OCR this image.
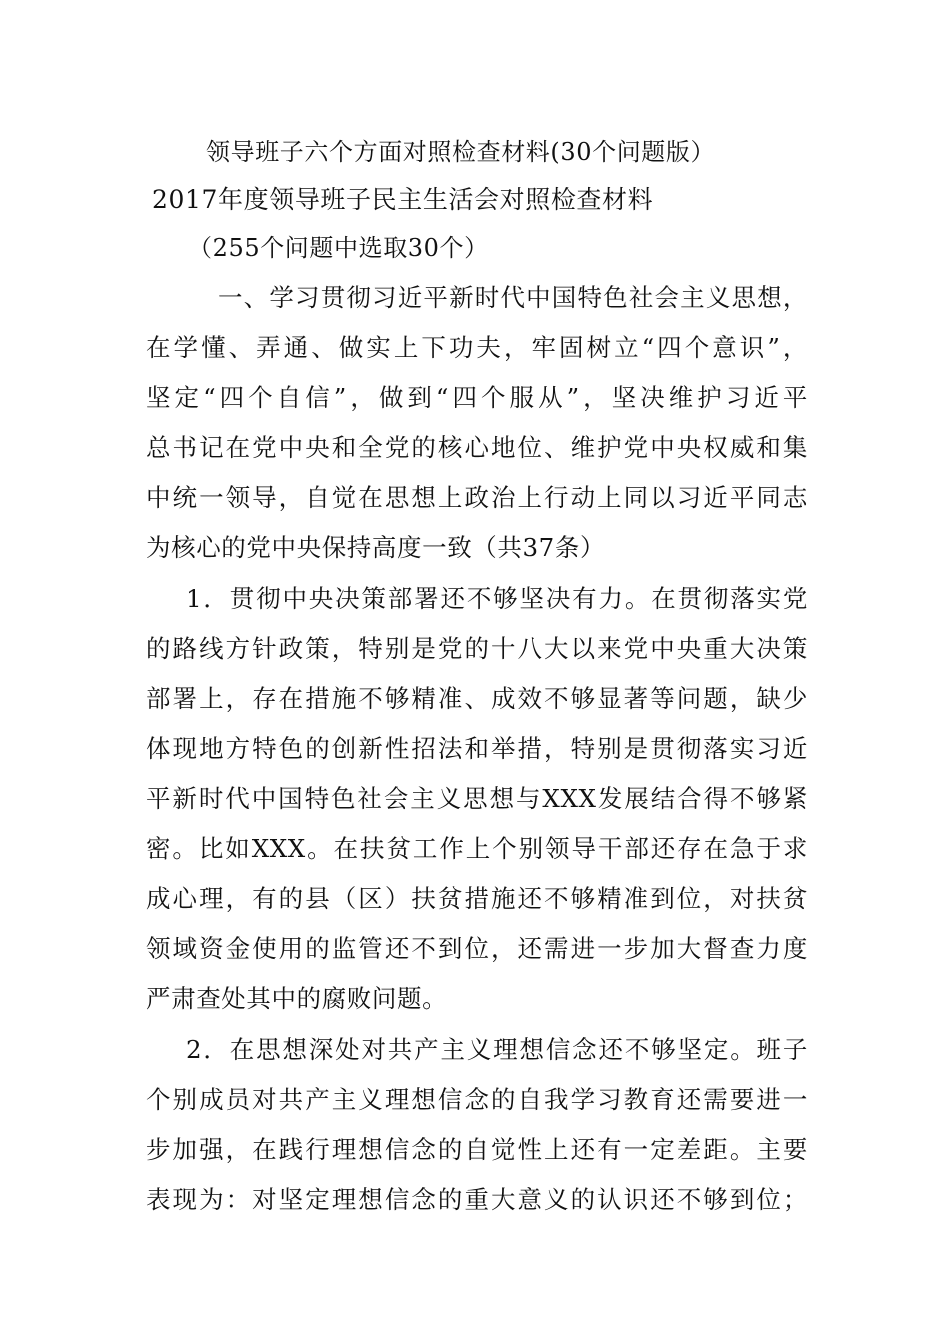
领导班子六个方面对照检查材料(30个问题版）
2017年度领导班子民主生活会对照检查材料
（255个问题中选取30个）
一、学习贯彻习近平新时代中国特色社会主义思想，
在学懂、弄通、做实上下功夫，牢固树立“四个意识”，
坚定“四个自信”，做到“四个服从”，坚决维护习近平
总书记在党中央和全党的核心地位、维护党中央权威和集
中统一领导，自觉在思想上政治上行动上同以习近平同志
为核心的党中央保持高度一致（共37条）
1．贯彻中央决策部署还不够坚决有力。在贯彻落实党
的路线方针政策，特别是党的十八大以来党中央重大决策
部署上，存在措施不够精准、成效不够显著等问题，缺少
体现地方特色的创新性招法和举措，特别是贯彻落实习近
平新时代中国特色社会主义思想与XXX发展结合得不够紧
密。比如XXX。在扶贫工作上个别领导干部还存在急于求
成心理，有的县（区）扶贫措施还不够精准到位，对扶贫
领域资金使用的监管还不到位，还需进一步加大督查力度
严肃查处其中的腐败问题。
2．在思想深处对共产主义理想信念还不够坚定。班子
个别成员对共产主义理想信念的自我学习教育还需要进一
步加强，在践行理想信念的自觉性上还有一定差距。主要
表现为：对坚定理想信念的重大意义的认识还不够到位；
